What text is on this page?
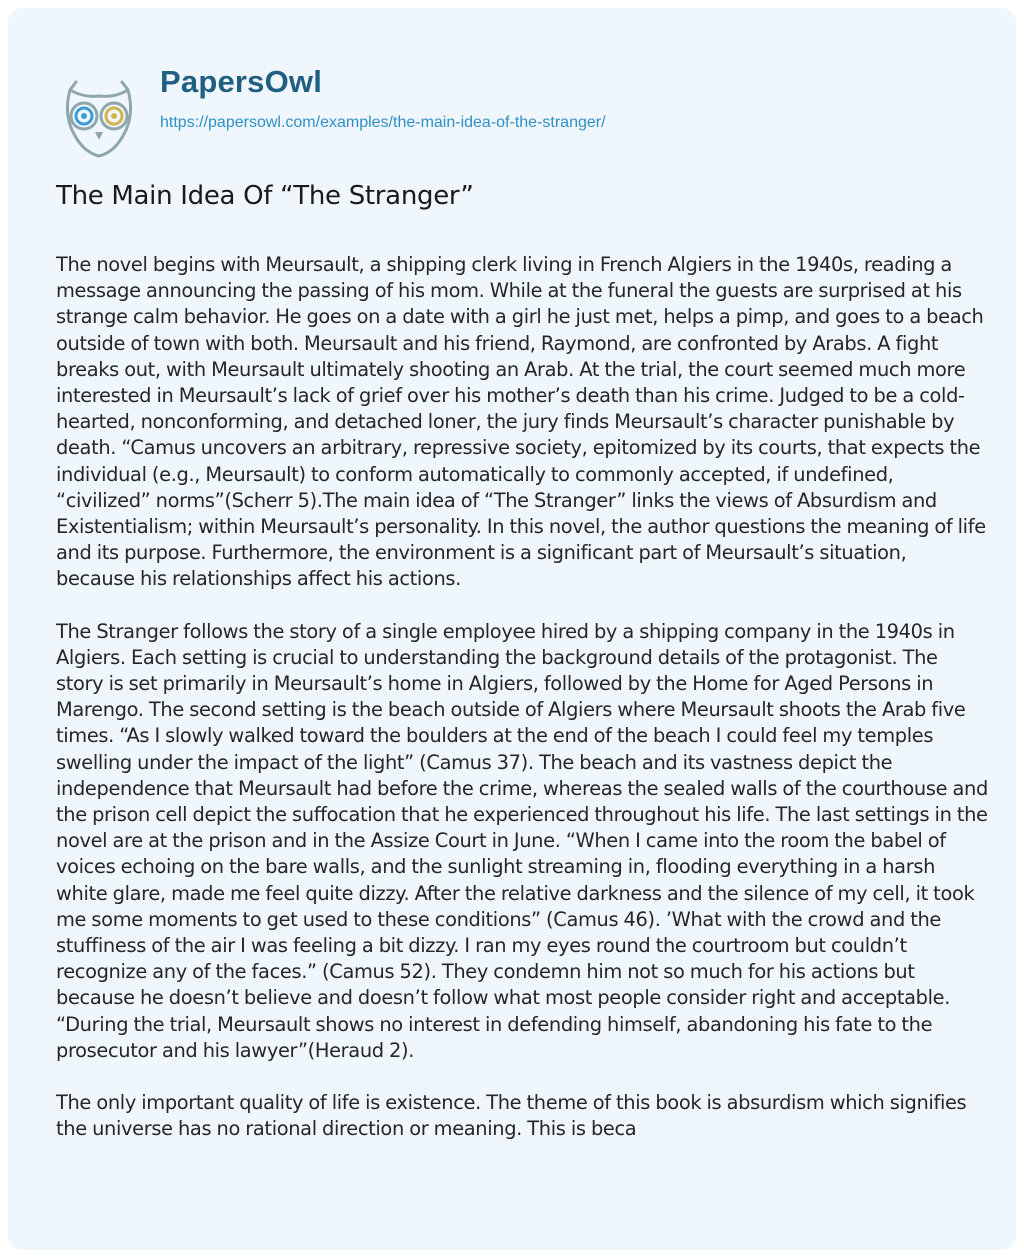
PapersOwl
https://papersowl.com/examples/the-main-idea-of-the-stranger/
The Main Idea Of “The Stranger”

The novel begins with Meursault, a shipping clerk living in French Algiers in the 1940s, reading a message announcing the passing of his mom. While at the funeral the guests are surprised at his strange calm behavior. He goes on a date with a girl he just met, helps a pimp, and goes to a beach outside of town with both. Meursault and his friend, Raymond, are confronted by Arabs. A fight breaks out, with Meursault ultimately shooting an Arab. At the trial, the court seemed much more interested in Meursault’s lack of grief over his mother’s death than his crime. Judged to be a cold-hearted, nonconforming, and detached loner, the jury finds Meursault’s character punishable by death. “Camus uncovers an arbitrary, repressive society, epitomized by its courts, that expects the individual (e.g., Meursault) to conform automatically to commonly accepted, if undefined, “civilized” norms”(Scherr 5).The main idea of “The Stranger” links the views of Absurdism and Existentialism; within Meursault’s personality. In this novel, the author questions the meaning of life and its purpose. Furthermore, the environment is a significant part of Meursault’s situation, because his relationships affect his actions.

The Stranger follows the story of a single employee hired by a shipping company in the 1940s in Algiers. Each setting is crucial to understanding the background details of the protagonist. The story is set primarily in Meursault’s home in Algiers, followed by the Home for Aged Persons in Marengo. The second setting is the beach outside of Algiers where Meursault shoots the Arab five times. “As I slowly walked toward the boulders at the end of the beach I could feel my temples swelling under the impact of the light” (Camus 37). The beach and its vastness depict the independence that Meursault had before the crime, whereas the sealed walls of the courthouse and the prison cell depict the suffocation that he experienced throughout his life. The last settings in the novel are at the prison and in the Assize Court in June. “When I came into the room the babel of voices echoing on the bare walls, and the sunlight streaming in, flooding everything in a harsh white glare, made me feel quite dizzy. After the relative darkness and the silence of my cell, it took me some moments to get used to these conditions” (Camus 46). ’What with the crowd and the stuffiness of the air I was feeling a bit dizzy. I ran my eyes round the courtroom but couldn’t recognize any of the faces.” (Camus 52). They condemn him not so much for his actions but because he doesn’t believe and doesn’t follow what most people consider right and acceptable. “During the trial, Meursault shows no interest in defending himself, abandoning his fate to the prosecutor and his lawyer”(Heraud 2).

The only important quality of life is existence. The theme of this book is absurdism which signifies the universe has no rational direction or meaning. This is beca
